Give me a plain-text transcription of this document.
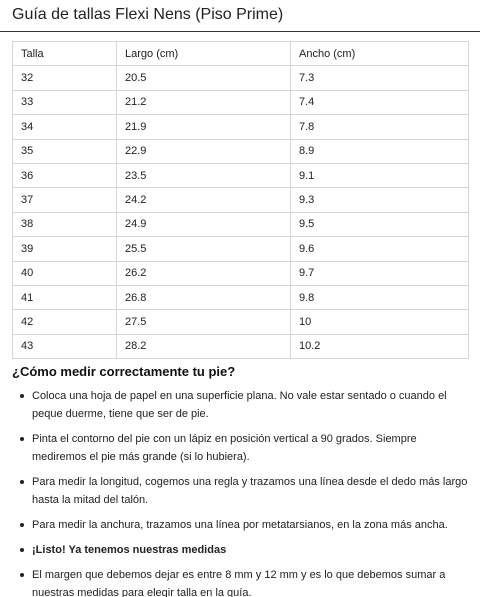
Guía de tallas Flexi Nens (Piso Prime)
Talla	Largo (cm)	Ancho (cm)
32	20.5	7.3
33	21.2	7.4
34	21.9	7.8
35	22.9	8.9
36	23.5	9.1
37	24.2	9.3
38	24.9	9.5
39	25.5	9.6
40	26.2	9.7
41	26.8	9.8
42	27.5	10
43	28.2	10.2
¿Cómo medir correctamente tu pie?
Coloca una hoja de papel en una superficie plana. No vale estar sentado o cuando el peque duerme, tiene que ser de pie.
Pinta el contorno del pie con un lápiz en posición vertical a 90 grados. Siempre mediremos el pie más grande (si lo hubiera).
Para medir la longitud, cogemos una regla y trazamos una línea desde el dedo más largo hasta la mitad del talón.
Para medir la anchura, trazamos una línea por metatarsianos, en la zona más ancha.
¡Listo! Ya tenemos nuestras medidas
El margen que debemos dejar es entre 8 mm y 12 mm y es lo que debemos sumar a nuestras medidas para elegir talla en la guía.
